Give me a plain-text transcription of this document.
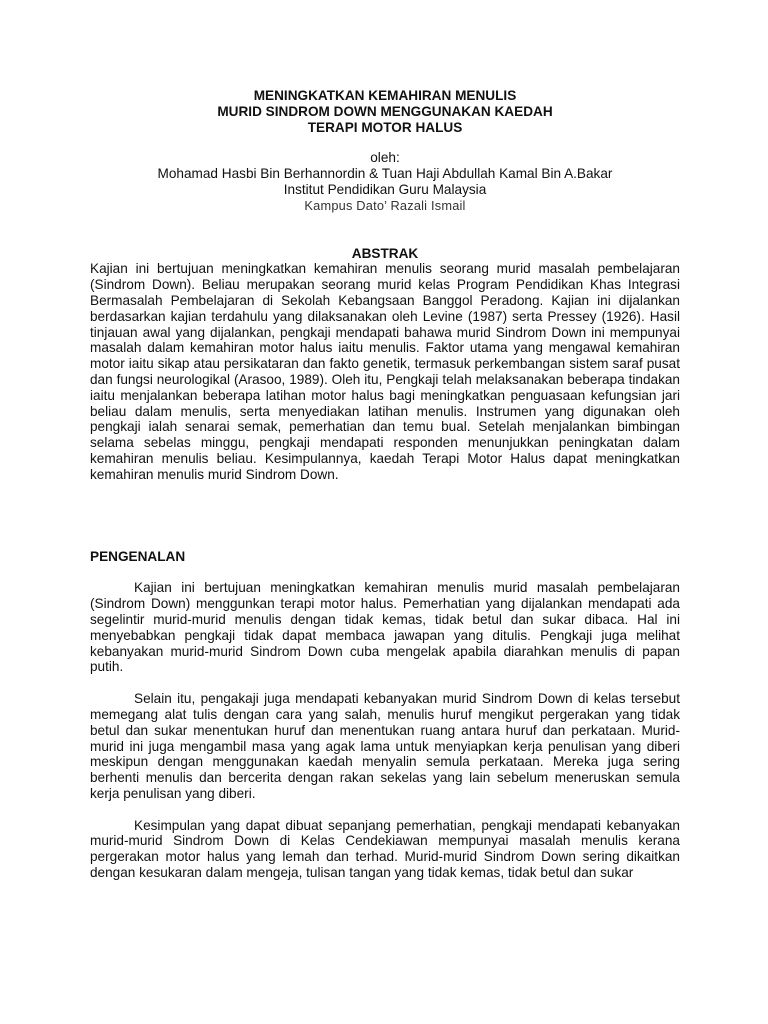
MENINGKATKAN KEMAHIRAN MENULIS
MURID SINDROM DOWN MENGGUNAKAN KAEDAH
TERAPI MOTOR HALUS
oleh:
Mohamad Hasbi Bin Berhannordin & Tuan Haji Abdullah Kamal Bin A.Bakar
Institut Pendidikan Guru Malaysia
Kampus Dato’ Razali Ismail
ABSTRAK

Kajian ini bertujuan meningkatkan kemahiran menulis seorang murid masalah pembelajaran (Sindrom Down). Beliau merupakan seorang murid kelas Program Pendidikan Khas Integrasi Bermasalah Pembelajaran di Sekolah Kebangsaan Banggol Peradong. Kajian ini dijalankan berdasarkan kajian terdahulu yang dilaksanakan oleh Levine (1987) serta Pressey (1926). Hasil tinjauan awal yang dijalankan, pengkaji mendapati bahawa murid Sindrom Down ini mempunyai masalah dalam kemahiran motor halus iaitu menulis. Faktor utama yang mengawal kemahiran motor iaitu sikap atau persikataran dan fakto genetik, termasuk perkembangan sistem saraf pusat dan fungsi neurologikal (Arasoo, 1989). Oleh itu, Pengkaji telah melaksanakan beberapa tindakan iaitu menjalankan beberapa latihan motor halus bagi meningkatkan penguasaan kefungsian jari beliau dalam menulis, serta menyediakan latihan menulis. Instrumen yang digunakan oleh pengkaji ialah senarai semak, pemerhatian dan temu bual. Setelah menjalankan bimbingan selama sebelas minggu, pengkaji mendapati responden menunjukkan peningkatan dalam kemahiran menulis beliau. Kesimpulannya, kaedah Terapi Motor Halus dapat meningkatkan kemahiran menulis murid Sindrom Down.

PENGENALAN

Kajian ini bertujuan meningkatkan kemahiran menulis murid masalah pembelajaran (Sindrom Down) menggunkan terapi motor halus. Pemerhatian yang dijalankan mendapati ada segelintir murid-murid menulis dengan tidak kemas, tidak betul dan sukar dibaca. Hal ini menyebabkan pengkaji tidak dapat membaca jawapan yang ditulis. Pengkaji juga melihat kebanyakan murid-murid Sindrom Down cuba mengelak apabila diarahkan menulis di papan putih.

Selain itu, pengakaji juga mendapati kebanyakan murid Sindrom Down di kelas tersebut memegang alat tulis dengan cara yang salah, menulis huruf mengikut pergerakan yang tidak betul dan sukar menentukan huruf dan menentukan ruang antara huruf dan perkataan. Murid-murid ini juga mengambil masa yang agak lama untuk menyiapkan kerja penulisan yang diberi meskipun dengan menggunakan kaedah menyalin semula perkataan. Mereka juga sering berhenti menulis dan bercerita dengan rakan sekelas yang lain sebelum meneruskan semula kerja penulisan yang diberi.

Kesimpulan yang dapat dibuat sepanjang pemerhatian, pengkaji mendapati kebanyakan murid-murid Sindrom Down di Kelas Cendekiawan mempunyai masalah menulis kerana pergerakan motor halus yang lemah dan terhad. Murid-murid Sindrom Down sering dikaitkan dengan kesukaran dalam mengeja, tulisan tangan yang tidak kemas, tidak betul dan sukar
